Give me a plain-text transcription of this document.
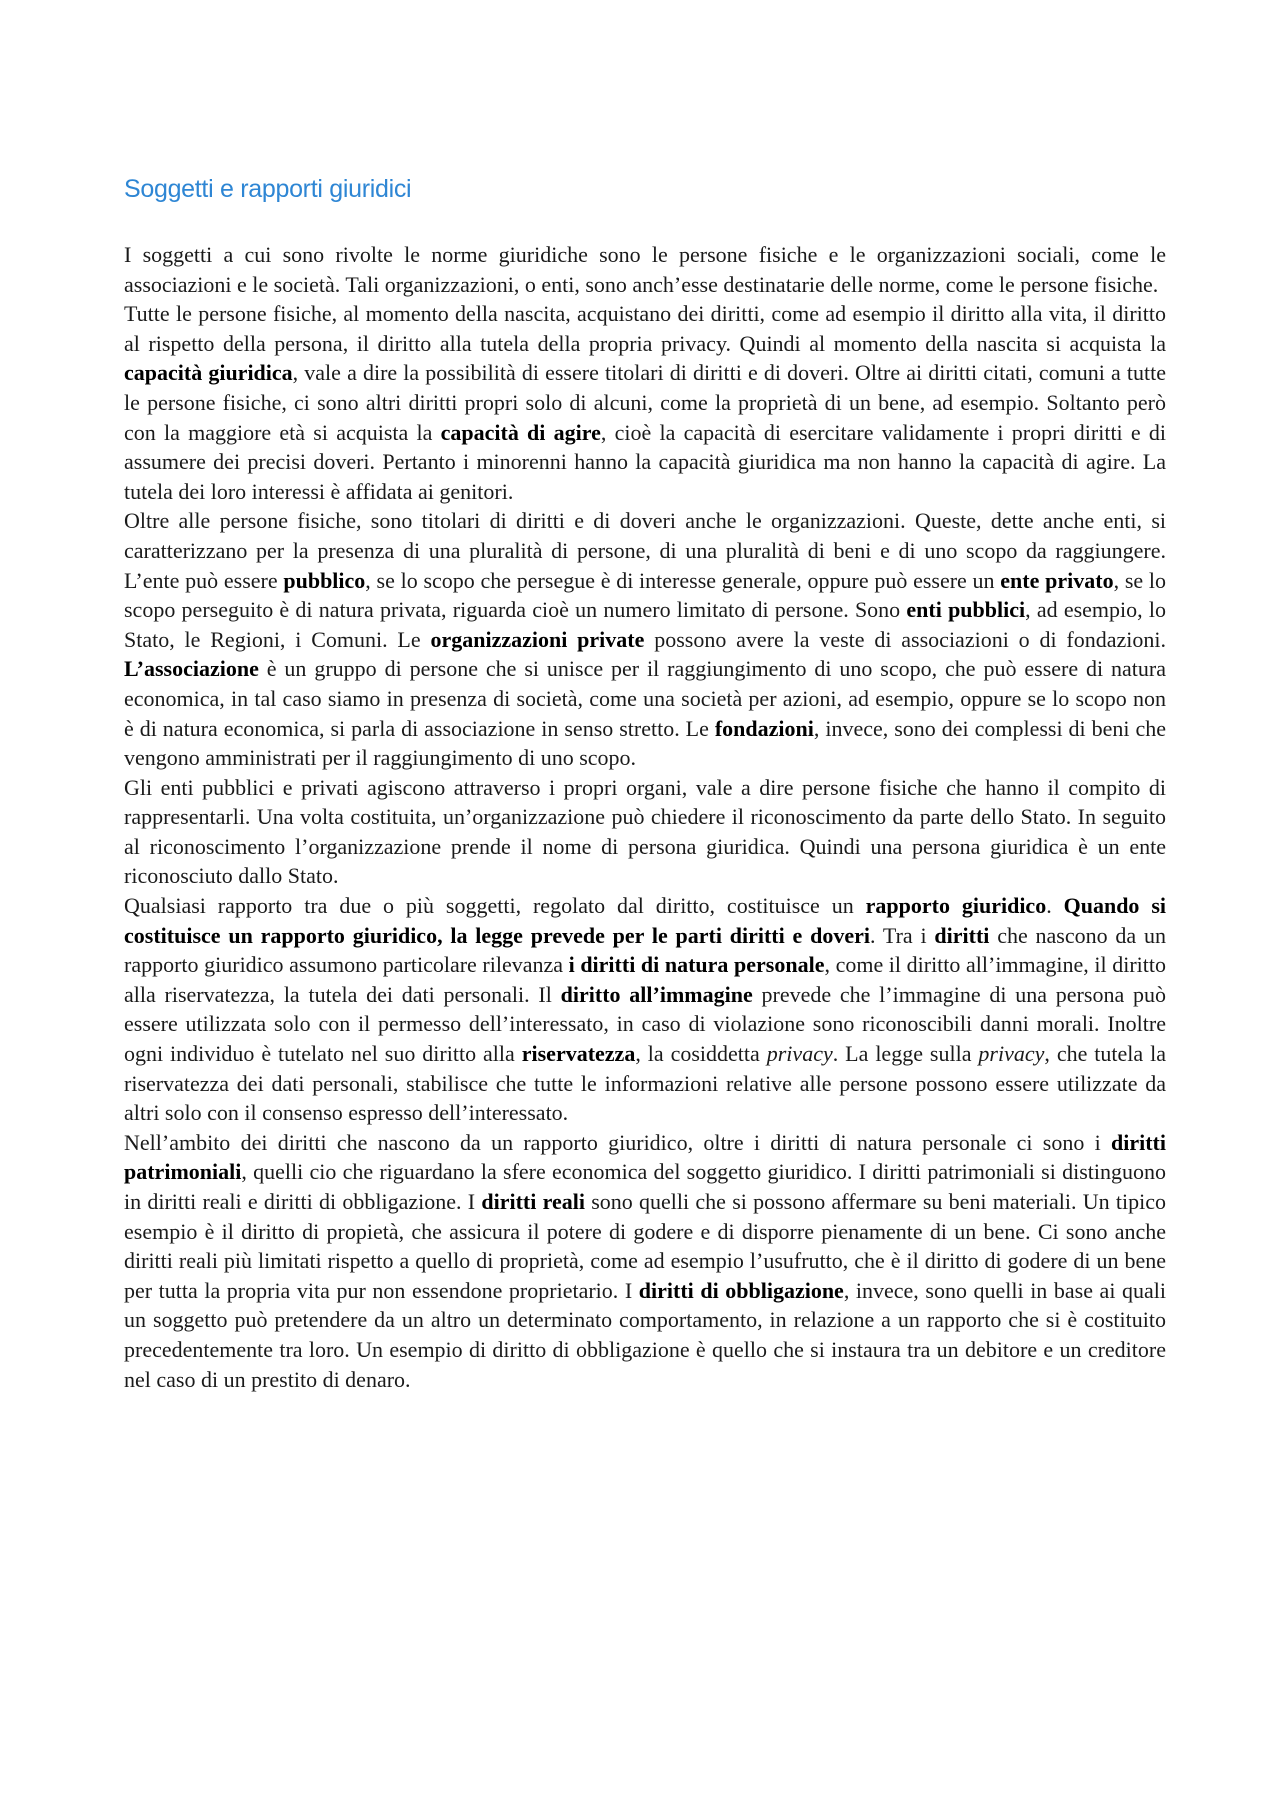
Soggetti e rapporti giuridici

I soggetti a cui sono rivolte le norme giuridiche sono le persone fisiche e le organizzazioni sociali, come le associazioni e le società. Tali organizzazioni, o enti, sono anch’esse destinatarie delle norme, come le persone fisiche.

Tutte le persone fisiche, al momento della nascita, acquistano dei diritti, come ad esempio il diritto alla vita, il diritto al rispetto della persona, il diritto alla tutela della propria privacy. Quindi al momento della nascita si acquista la capacità giuridica, vale a dire la possibilità di essere titolari di diritti e di doveri. Oltre ai diritti citati, comuni a tutte le persone fisiche, ci sono altri diritti propri solo di alcuni, come la proprietà di un bene, ad esempio. Soltanto però con la maggiore età si acquista la capacità di agire, cioè la capacità di esercitare validamente i propri diritti e di assumere dei precisi doveri. Pertanto i minorenni hanno la capacità giuridica ma non hanno la capacità di agire. La tutela dei loro interessi è affidata ai genitori.

Oltre alle persone fisiche, sono titolari di diritti e di doveri anche le organizzazioni. Queste, dette anche enti, si caratterizzano per la presenza di una pluralità di persone, di una pluralità di beni e di uno scopo da raggiungere. L’ente può essere pubblico, se lo scopo che persegue è di interesse generale, oppure può essere un ente privato, se lo scopo perseguito è di natura privata, riguarda cioè un numero limitato di persone. Sono enti pubblici, ad esempio, lo Stato, le Regioni, i Comuni. Le organizzazioni private possono avere la veste di associazioni o di fondazioni. L’associazione è un gruppo di persone che si unisce per il raggiungimento di uno scopo, che può essere di natura economica, in tal caso siamo in presenza di società, come una società per azioni, ad esempio, oppure se lo scopo non è di natura economica, si parla di associazione in senso stretto. Le fondazioni, invece, sono dei complessi di beni che vengono amministrati per il raggiungimento di uno scopo.

Gli enti pubblici e privati agiscono attraverso i propri organi, vale a dire persone fisiche che hanno il compito di rappresentarli. Una volta costituita, un’organizzazione può chiedere il riconoscimento da parte dello Stato. In seguito al riconoscimento l’organizzazione prende il nome di persona giuridica. Quindi una persona giuridica è un ente riconosciuto dallo Stato.

Qualsiasi rapporto tra due o più soggetti, regolato dal diritto, costituisce un rapporto giuridico. Quando si costituisce un rapporto giuridico, la legge prevede per le parti diritti e doveri. Tra i diritti che nascono da un rapporto giuridico assumono particolare rilevanza i diritti di natura personale, come il diritto all’immagine, il diritto alla riservatezza, la tutela dei dati personali. Il diritto all’immagine prevede che l’immagine di una persona può essere utilizzata solo con il permesso dell’interessato, in caso di violazione sono riconoscibili danni morali. Inoltre ogni individuo è tutelato nel suo diritto alla riservatezza, la cosiddetta privacy. La legge sulla privacy, che tutela la riservatezza dei dati personali, stabilisce che tutte le informazioni relative alle persone possono essere utilizzate da altri solo con il consenso espresso dell’interessato.

Nell’ambito dei diritti che nascono da un rapporto giuridico, oltre i diritti di natura personale ci sono i diritti patrimoniali, quelli cio che riguardano la sfere economica del soggetto giuridico. I diritti patrimoniali si distinguono in diritti reali e diritti di obbligazione. I diritti reali sono quelli che si possono affermare su beni materiali. Un tipico esempio è il diritto di propietà, che assicura il potere di godere e di disporre pienamente di un bene. Ci sono anche diritti reali più limitati rispetto a quello di proprietà, come ad esempio l’usufrutto, che è il diritto di godere di un bene per tutta la propria vita pur non essendone proprietario. I diritti di obbligazione, invece, sono quelli in base ai quali un soggetto può pretendere da un altro un determinato comportamento, in relazione a un rapporto che si è costituito precedentemente tra loro. Un esempio di diritto di obbligazione è quello che si instaura tra un debitore e un creditore nel caso di un prestito di denaro.
